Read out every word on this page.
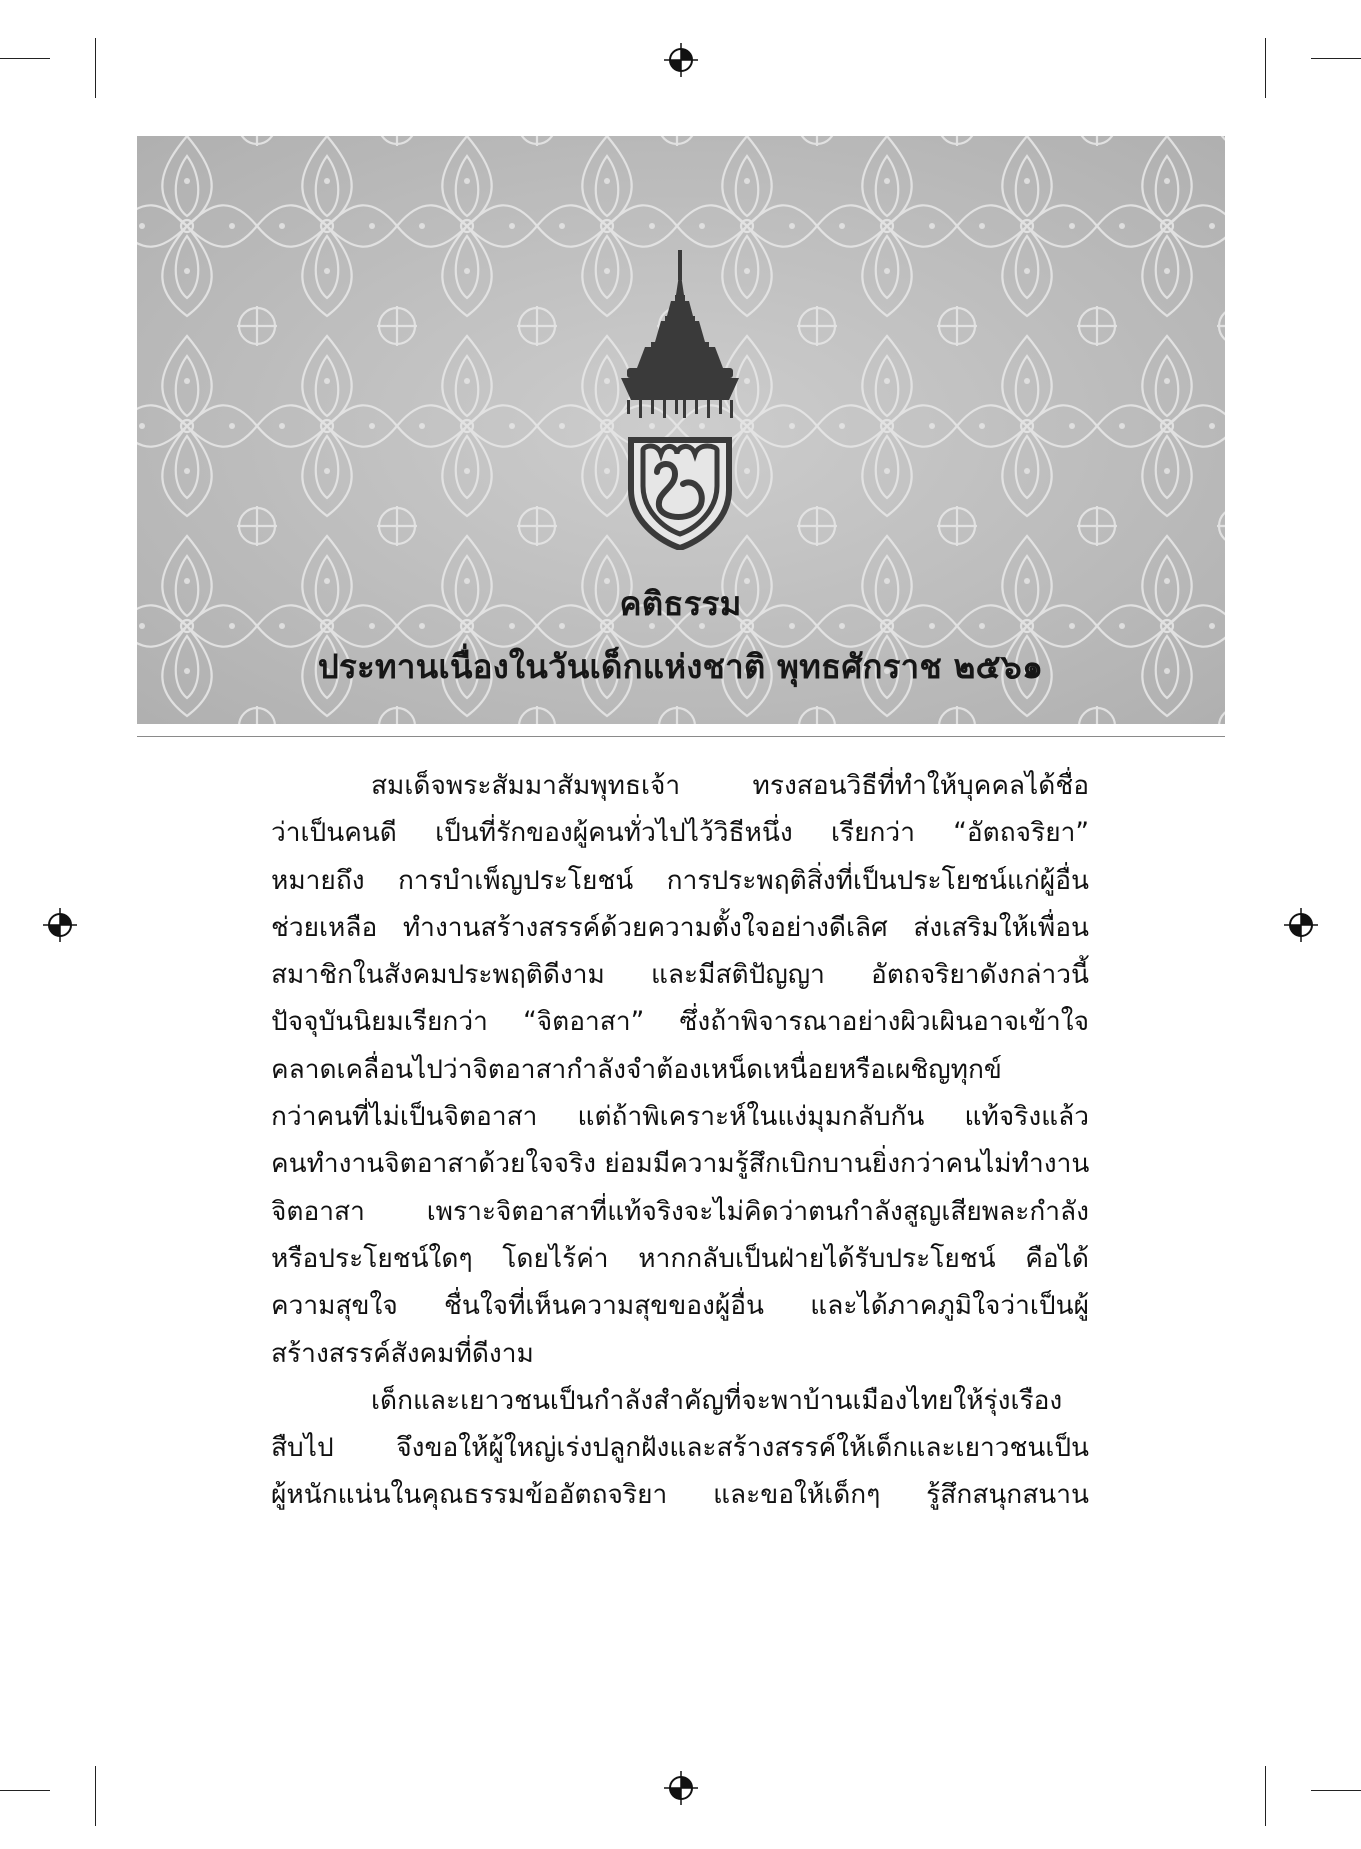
คติธรรม
ประทานเนื่องในวันเด็กแห่งชาติ พุทธศักราช ๒๕๖๑
สมเด็จพระสัมมาสัมพุทธเจ้า ทรงสอนวิธีที่ทำให้บุคคลได้ชื่อ
ว่าเป็นคนดี เป็นที่รักของผู้คนทั่วไปไว้วิธีหนึ่ง เรียกว่า “อัตถจริยา”
หมายถึง การบำเพ็ญประโยชน์ การประพฤติสิ่งที่เป็นประโยชน์แก่ผู้อื่น
ช่วยเหลือ ทำงานสร้างสรรค์ด้วยความตั้งใจอย่างดีเลิศ ส่งเสริมให้เพื่อน
สมาชิกในสังคมประพฤติดีงาม และมีสติปัญญา อัตถจริยาดังกล่าวนี้
ปัจจุบันนิยมเรียกว่า “จิตอาสา” ซึ่งถ้าพิจารณาอย่างผิวเผินอาจเข้าใจ
คลาดเคลื่อนไปว่าจิตอาสากำลังจำต้องเหน็ดเหนื่อยหรือเผชิญทุกข์
กว่าคนที่ไม่เป็นจิตอาสา แต่ถ้าพิเคราะห์ในแง่มุมกลับกัน แท้จริงแล้ว
คนทำงานจิตอาสาด้วยใจจริง ย่อมมีความรู้สึกเบิกบานยิ่งกว่าคนไม่ทำงาน
จิตอาสา เพราะจิตอาสาที่แท้จริงจะไม่คิดว่าตนกำลังสูญเสียพละกำลัง
หรือประโยชน์ใดๆ โดยไร้ค่า หากกลับเป็นฝ่ายได้รับประโยชน์ คือได้
ความสุขใจ ชื่นใจที่เห็นความสุขของผู้อื่น และได้ภาคภูมิใจว่าเป็นผู้
สร้างสรรค์สังคมที่ดีงาม
เด็กและเยาวชนเป็นกำลังสำคัญที่จะพาบ้านเมืองไทยให้รุ่งเรือง
สืบไป จึงขอให้ผู้ใหญ่เร่งปลูกฝังและสร้างสรรค์ให้เด็กและเยาวชนเป็น
ผู้หนักแน่นในคุณธรรมข้ออัตถจริยา และขอให้เด็กๆ รู้สึกสนุกสนาน
